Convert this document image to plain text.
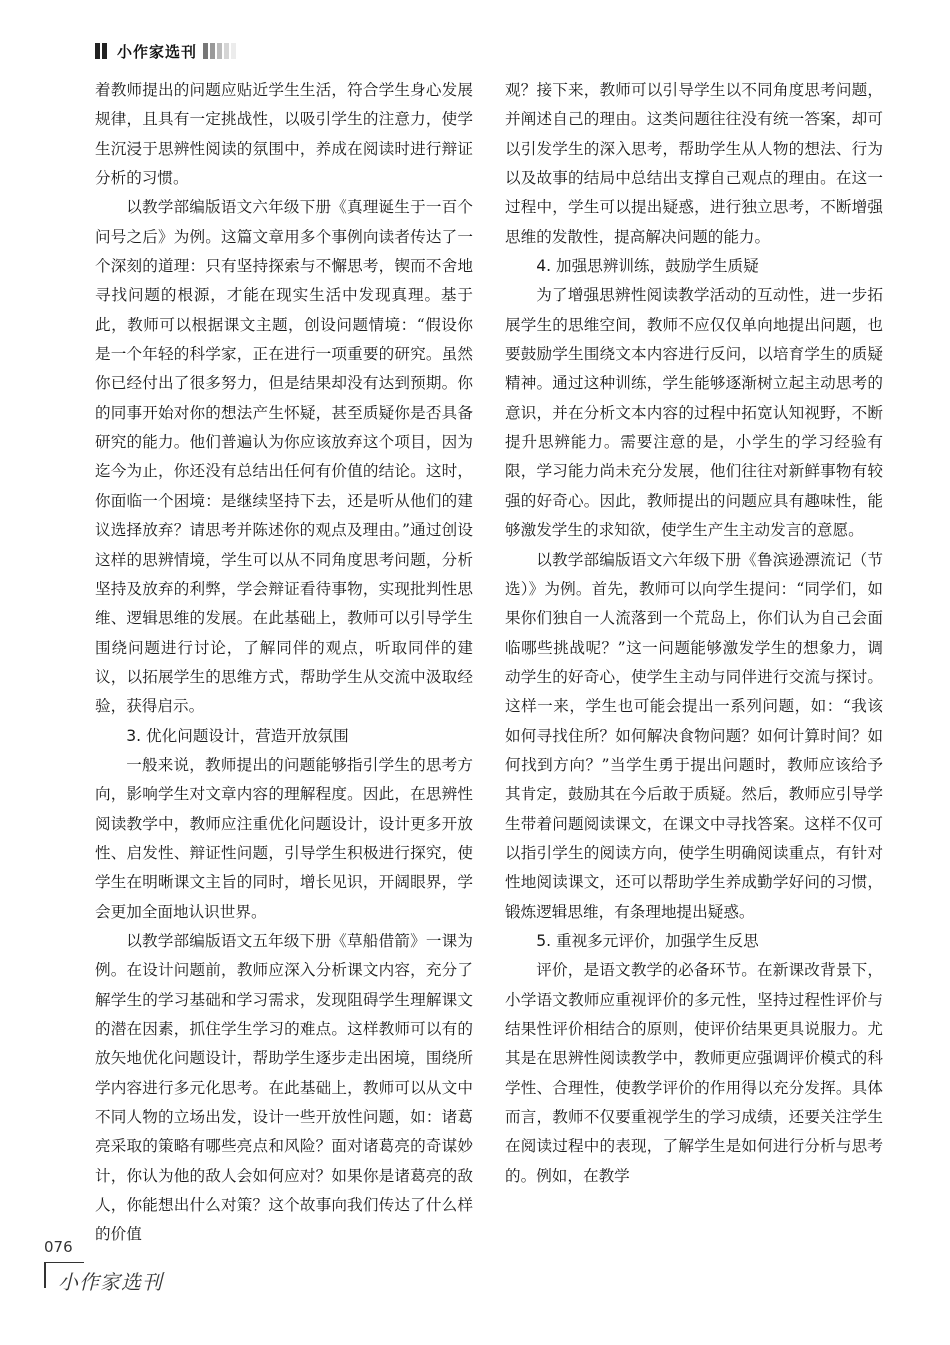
小作家选刊

着教师提出的问题应贴近学生生活，符合学生身心发展规律，且具有一定挑战性，以吸引学生的注意力，使学生沉浸于思辨性阅读的氛围中，养成在阅读时进行辩证分析的习惯。

以教学部编版语文六年级下册《真理诞生于一百个问号之后》为例。这篇文章用多个事例向读者传达了一个深刻的道理：只有坚持探索与不懈思考，锲而不舍地寻找问题的根源，才能在现实生活中发现真理。基于此，教师可以根据课文主题，创设问题情境：“假设你是一个年轻的科学家，正在进行一项重要的研究。虽然你已经付出了很多努力，但是结果却没有达到预期。你的同事开始对你的想法产生怀疑，甚至质疑你是否具备研究的能力。他们普遍认为你应该放弃这个项目，因为迄今为止，你还没有总结出任何有价值的结论。这时，你面临一个困境：是继续坚持下去，还是听从他们的建议选择放弃？请思考并陈述你的观点及理由。”通过创设这样的思辨情境，学生可以从不同角度思考问题，分析坚持及放弃的利弊，学会辩证看待事物，实现批判性思维、逻辑思维的发展。在此基础上，教师可以引导学生围绕问题进行讨论，了解同伴的观点，听取同伴的建议，以拓展学生的思维方式，帮助学生从交流中汲取经验，获得启示。

3. 优化问题设计，营造开放氛围

一般来说，教师提出的问题能够指引学生的思考方向，影响学生对文章内容的理解程度。因此，在思辨性阅读教学中，教师应注重优化问题设计，设计更多开放性、启发性、辩证性问题，引导学生积极进行探究，使学生在明晰课文主旨的同时，增长见识，开阔眼界，学会更加全面地认识世界。

以教学部编版语文五年级下册《草船借箭》一课为例。在设计问题前，教师应深入分析课文内容，充分了解学生的学习基础和学习需求，发现阻碍学生理解课文的潜在因素，抓住学生学习的难点。这样教师可以有的放矢地优化问题设计，帮助学生逐步走出困境，围绕所学内容进行多元化思考。在此基础上，教师可以从文中不同人物的立场出发，设计一些开放性问题，如：诸葛亮采取的策略有哪些亮点和风险？面对诸葛亮的奇谋妙计，你认为他的敌人会如何应对？如果你是诸葛亮的敌人，你能想出什么对策？这个故事向我们传达了什么样的价值

观？接下来，教师可以引导学生以不同角度思考问题，并阐述自己的理由。这类问题往往没有统一答案，却可以引发学生的深入思考，帮助学生从人物的想法、行为以及故事的结局中总结出支撑自己观点的理由。在这一过程中，学生可以提出疑惑，进行独立思考，不断增强思维的发散性，提高解决问题的能力。

4. 加强思辨训练，鼓励学生质疑

为了增强思辨性阅读教学活动的互动性，进一步拓展学生的思维空间，教师不应仅仅单向地提出问题，也要鼓励学生围绕文本内容进行反问，以培育学生的质疑精神。通过这种训练，学生能够逐渐树立起主动思考的意识，并在分析文本内容的过程中拓宽认知视野，不断提升思辨能力。需要注意的是，小学生的学习经验有限，学习能力尚未充分发展，他们往往对新鲜事物有较强的好奇心。因此，教师提出的问题应具有趣味性，能够激发学生的求知欲，使学生产生主动发言的意愿。

以教学部编版语文六年级下册《鲁滨逊漂流记（节选）》为例。首先，教师可以向学生提问：“同学们，如果你们独自一人流落到一个荒岛上，你们认为自己会面临哪些挑战呢？”这一问题能够激发学生的想象力，调动学生的好奇心，使学生主动与同伴进行交流与探讨。这样一来，学生也可能会提出一系列问题，如：“我该如何寻找住所？如何解决食物问题？如何计算时间？如何找到方向？”当学生勇于提出问题时，教师应该给予其肯定，鼓励其在今后敢于质疑。然后，教师应引导学生带着问题阅读课文，在课文中寻找答案。这样不仅可以指引学生的阅读方向，使学生明确阅读重点，有针对性地阅读课文，还可以帮助学生养成勤学好问的习惯，锻炼逻辑思维，有条理地提出疑惑。

5. 重视多元评价，加强学生反思

评价，是语文教学的必备环节。在新课改背景下，小学语文教师应重视评价的多元性，坚持过程性评价与结果性评价相结合的原则，使评价结果更具说服力。尤其是在思辨性阅读教学中，教师更应强调评价模式的科学性、合理性，使教学评价的作用得以充分发挥。具体而言，教师不仅要重视学生的学习成绩，还要关注学生在阅读过程中的表现，了解学生是如何进行分析与思考的。例如，在教学

076
小作家选刊
